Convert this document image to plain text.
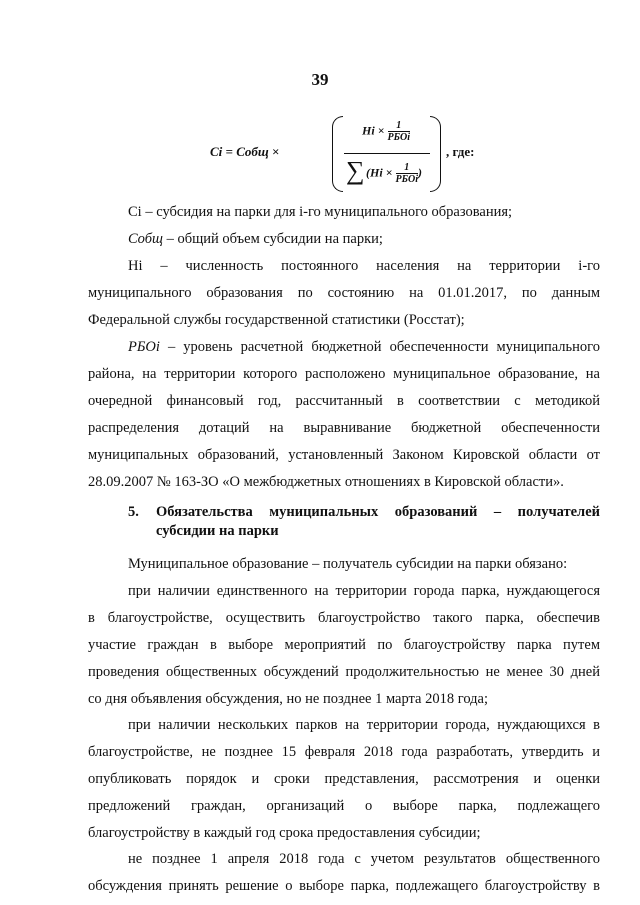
39
Ci = Cобщ ×
$Hi \times \frac{1}{\text{РБОi}}$
∑ ($Hi \times \frac{1}{\text{РБОi}}$ )
, где:
Сi – субсидия на парки для i-го муниципального образования;
Cобщ – общий объем субсидии на парки;
Hi – численность постоянного населения на территории i-го
муниципального образования по состоянию на 01.01.2017, по данным
Федеральной службы государственной статистики (Росстат);
РБОi – уровень расчетной бюджетной обеспеченности муниципального
района, на территории которого расположено муниципальное образование, на
очередной финансовый год, рассчитанный в соответствии с методикой
распределения дотаций на выравнивание бюджетной обеспеченности
муниципальных образований, установленный Законом Кировской области от
28.09.2007 № 163-ЗО «О межбюджетных отношениях в Кировской области».
5. Обязательства муниципальных образований – получателей
субсидии на парки
Муниципальное образование – получатель субсидии на парки обязано:
при наличии единственного на территории города парка, нуждающегося
в благоустройстве, осуществить благоустройство такого парка, обеспечив
участие граждан в выборе мероприятий по благоустройству парка путем
проведения общественных обсуждений продолжительностью не менее 30 дней
со дня объявления обсуждения, но не позднее 1 марта 2018 года;
при наличии нескольких парков на территории города, нуждающихся в
благоустройстве, не позднее 15 февраля 2018 года разработать, утвердить и
опубликовать порядок и сроки представления, рассмотрения и оценки
предложений граждан, организаций о выборе парка, подлежащего
благоустройству в каждый год срока предоставления субсидии;
не позднее 1 апреля 2018 года с учетом результатов общественного
обсуждения принять решение о выборе парка, подлежащего благоустройству в
